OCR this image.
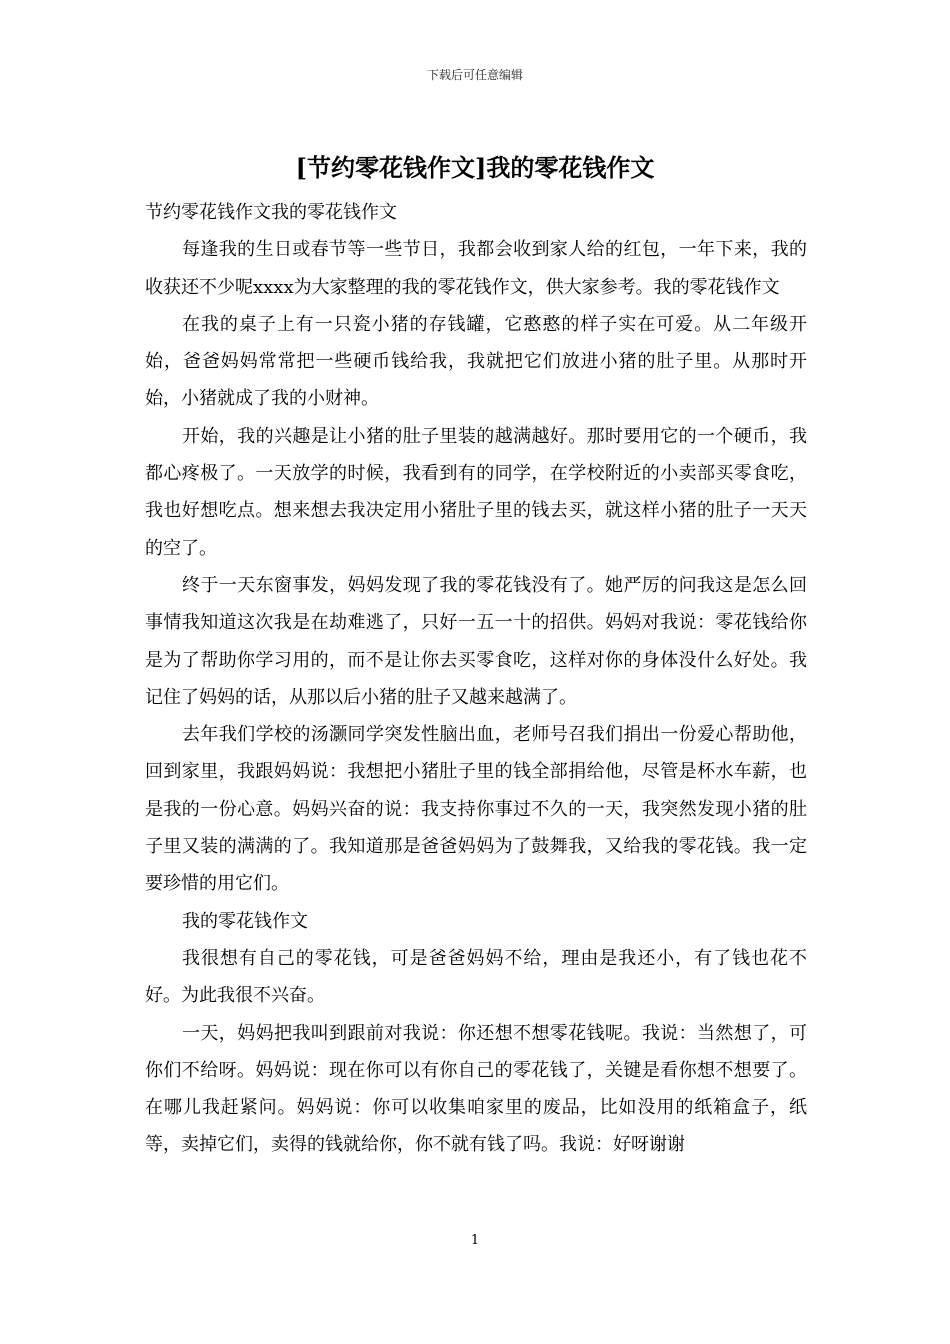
下载后可任意编辑
[节约零花钱作文]我的零花钱作文

节约零花钱作文我的零花钱作文

每逢我的生日或春节等一些节日，我都会收到家人给的红包，一年下来，我的收获还不少呢xxxx为大家整理的我的零花钱作文，供大家参考。我的零花钱作文

在我的桌子上有一只瓷小猪的存钱罐，它憨憨的样子实在可爱。从二年级开始，爸爸妈妈常常把一些硬币钱给我，我就把它们放进小猪的肚子里。从那时开始，小猪就成了我的小财神。

开始，我的兴趣是让小猪的肚子里装的越满越好。那时要用它的一个硬币，我都心疼极了。一天放学的时候，我看到有的同学，在学校附近的小卖部买零食吃，我也好想吃点。想来想去我决定用小猪肚子里的钱去买，就这样小猪的肚子一天天的空了。

终于一天东窗事发，妈妈发现了我的零花钱没有了。她严厉的问我这是怎么回事情我知道这次我是在劫难逃了，只好一五一十的招供。妈妈对我说：零花钱给你是为了帮助你学习用的，而不是让你去买零食吃，这样对你的身体没什么好处。我记住了妈妈的话，从那以后小猪的肚子又越来越满了。

去年我们学校的汤灏同学突发性脑出血，老师号召我们捐出一份爱心帮助他，回到家里，我跟妈妈说：我想把小猪肚子里的钱全部捐给他，尽管是杯水车薪，也是我的一份心意。妈妈兴奋的说：我支持你事过不久的一天，我突然发现小猪的肚子里又装的满满的了。我知道那是爸爸妈妈为了鼓舞我，又给我的零花钱。我一定要珍惜的用它们。

我的零花钱作文

我很想有自己的零花钱，可是爸爸妈妈不给，理由是我还小，有了钱也花不好。为此我很不兴奋。

一天，妈妈把我叫到跟前对我说：你还想不想零花钱呢。我说：当然想了，可你们不给呀。妈妈说：现在你可以有你自己的零花钱了，关键是看你想不想要了。在哪儿我赶紧问。妈妈说：你可以收集咱家里的废品，比如没用的纸箱盒子，纸等，卖掉它们，卖得的钱就给你，你不就有钱了吗。我说：好呀谢谢

1
